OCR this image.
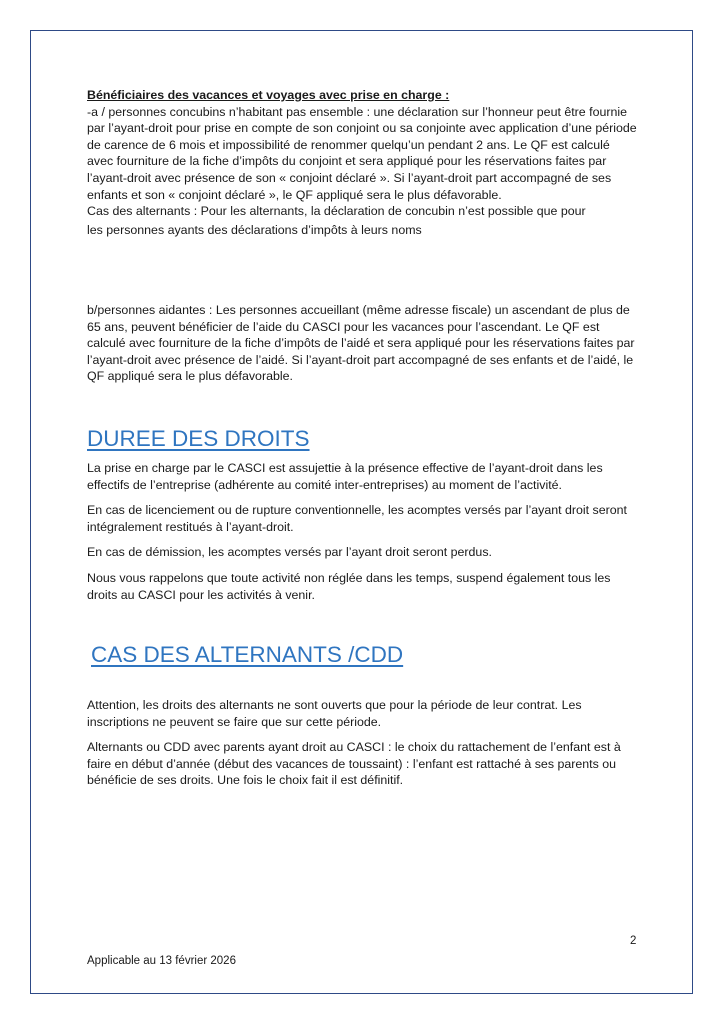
Bénéficiaires des vacances et voyages avec prise en charge :

-a / personnes concubins n’habitant pas ensemble : une déclaration sur l’honneur peut être fournie par l’ayant-droit pour prise en compte de son conjoint ou sa conjointe avec application d’une période de carence de 6 mois et impossibilité de renommer quelqu’un pendant 2 ans. Le QF est calculé avec fourniture de la fiche d’impôts du conjoint et sera appliqué pour les réservations faites par l’ayant-droit avec présence de son « conjoint déclaré ». Si l’ayant-droit part accompagné de ses enfants et son « conjoint déclaré », le QF appliqué sera le plus défavorable.

Cas des alternants : Pour les alternants, la déclaration de concubin n’est possible que pour

les personnes ayants des déclarations d’impôts à leurs noms

b/personnes aidantes : Les personnes accueillant (même adresse fiscale) un ascendant de plus de 65 ans, peuvent bénéficier de l’aide du CASCI pour les vacances pour l’ascendant. Le QF est calculé avec fourniture de la fiche d’impôts de l’aidé et sera appliqué pour les réservations faites par l’ayant-droit avec présence de l’aidé. Si l’ayant-droit part accompagné de ses enfants et de l’aidé, le QF appliqué sera le plus défavorable.

DUREE DES DROITS

La prise en charge par le CASCI est assujettie à la présence effective de l’ayant-droit dans les effectifs de l’entreprise (adhérente au comité inter-entreprises) au moment de l’activité.

En cas de licenciement ou de rupture conventionnelle, les acomptes versés par l’ayant droit seront intégralement restitués à l’ayant-droit.

En cas de démission, les acomptes versés par l’ayant droit seront perdus.

Nous vous rappelons que toute activité non réglée dans les temps, suspend également tous les droits au CASCI pour les activités à venir.

CAS DES ALTERNANTS /CDD

Attention, les droits des alternants ne sont ouverts que pour la période de leur contrat. Les inscriptions ne peuvent se faire que sur cette période.

Alternants ou CDD avec parents ayant droit au CASCI : le choix du rattachement de l’enfant est à faire en début d’année (début des vacances de toussaint) : l’enfant est rattaché à ses parents ou bénéficie de ses droits. Une fois le choix fait il est définitif.

2
Applicable au 13 février 2026
